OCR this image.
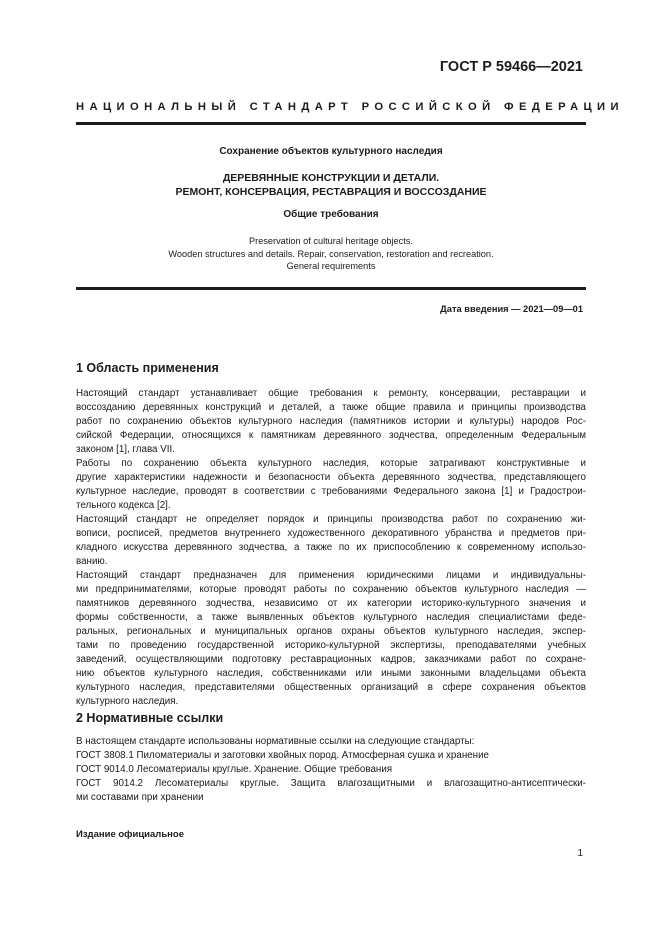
ГОСТ Р 59466—2021
НАЦИОНАЛЬНЫЙ СТАНДАРТ РОССИЙСКОЙ ФЕДЕРАЦИИ
Сохранение объектов культурного наследия
ДЕРЕВЯННЫЕ КОНСТРУКЦИИ И ДЕТАЛИ.
РЕМОНТ, КОНСЕРВАЦИЯ, РЕСТАВРАЦИЯ И ВОССОЗДАНИЕ
Общие требования
Preservation of cultural heritage objects.
Wooden structures and details. Repair, conservation, restoration and recreation.
General requirements
Дата введения — 2021—09—01
1 Область применения
Настоящий стандарт устанавливает общие требования к ремонту, консервации, реставрации и
воссозданию деревянных конструкций и деталей, а также общие правила и принципы производства
работ по сохранению объектов культурного наследия (памятников истории и культуры) народов Рос-
сийской Федерации, относящихся к памятникам деревянного зодчества, определенным Федеральным
законом [1], глава VII.
Работы по сохранению объекта культурного наследия, которые затрагивают конструктивные и
другие характеристики надежности и безопасности объекта деревянного зодчества, представляющего
культурное наследие, проводят в соответствии с требованиями Федерального закона [1] и Градострои-
тельного кодекса [2].
Настоящий стандарт не определяет порядок и принципы производства работ по сохранению жи-
вописи, росписей, предметов внутреннего художественного декоративного убранства и предметов при-
кладного искусства деревянного зодчества, а также по их приспособлению к современному использо-
ванию.
Настоящий стандарт предназначен для применения юридическими лицами и индивидуальны-
ми предпринимателями, которые проводят работы по сохранению объектов культурного наследия —
памятников деревянного зодчества, независимо от их категории историко-культурного значения и
формы собственности, а также выявленных объектов культурного наследия специалистами феде-
ральных, региональных и муниципальных органов охраны объектов культурного наследия, экспер-
тами по проведению государственной историко-культурной экспертизы, преподавателями учебных
заведений, осуществляющими подготовку реставрационных кадров, заказчиками работ по сохране-
нию объектов культурного наследия, собственниками или иными законными владельцами объекта
культурного наследия, представителями общественных организаций в сфере сохранения объектов
культурного наследия.
2 Нормативные ссылки
В настоящем стандарте использованы нормативные ссылки на следующие стандарты:
ГОСТ 3808.1 Пиломатериалы и заготовки хвойных пород. Атмосферная сушка и хранение
ГОСТ 9014.0 Лесоматериалы круглые. Хранение. Общие требования
ГОСТ 9014.2 Лесоматериалы круглые. Защита влагозащитными и влагозащитно-антисептически-
ми составами при хранении
Издание официальное
1
